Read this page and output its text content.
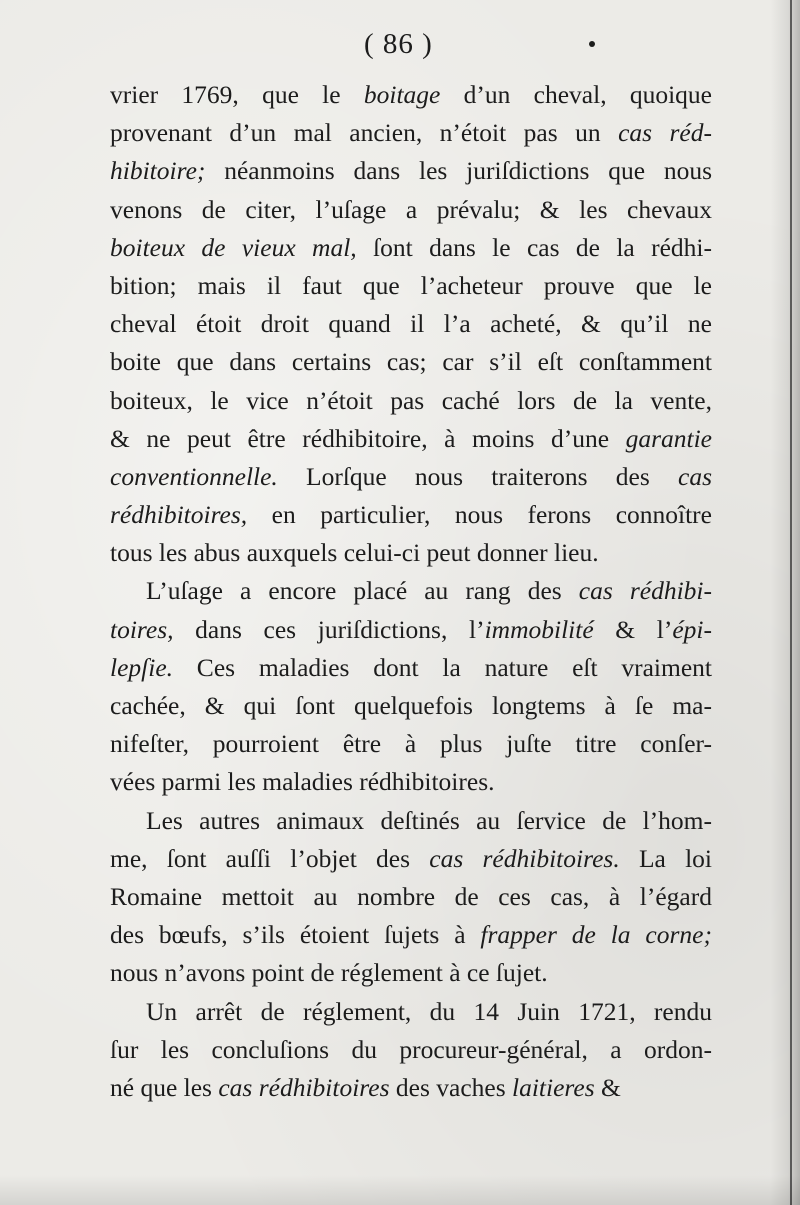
( 86 )
vrier 1769, que le boitage d’un cheval, quoique
provenant d’un mal ancien, n’étoit pas un cas réd-
hibitoire; néanmoins dans les juriſdictions que nous
venons de citer, l’uſage a prévalu; & les chevaux
boiteux de vieux mal, ſont dans le cas de la rédhi-
bition; mais il faut que l’acheteur prouve que le
cheval étoit droit quand il l’a acheté, & qu’il ne
boite que dans certains cas; car s’il eſt conſtamment
boiteux, le vice n’étoit pas caché lors de la vente,
& ne peut être rédhibitoire, à moins d’une garantie
conventionnelle. Lorſque nous traiterons des cas
rédhibitoires, en particulier, nous ferons connoître
tous les abus auxquels celui-ci peut donner lieu.
L’uſage a encore placé au rang des cas rédhibi-
toires, dans ces juriſdictions, l’immobilité & l’épi-
lepſie. Ces maladies dont la nature eſt vraiment
cachée, & qui ſont quelquefois longtems à ſe ma-
nifeſter, pourroient être à plus juſte titre conſer-
vées parmi les maladies rédhibitoires.
Les autres animaux deſtinés au ſervice de l’hom-
me, ſont auſſi l’objet des cas rédhibitoires. La loi
Romaine mettoit au nombre de ces cas, à l’égard
des bœufs, s’ils étoient ſujets à frapper de la corne;
nous n’avons point de réglement à ce ſujet.
Un arrêt de réglement, du 14 Juin 1721, rendu
ſur les concluſions du procureur-général, a ordon-
né que les cas rédhibitoires des vaches laitieres &
